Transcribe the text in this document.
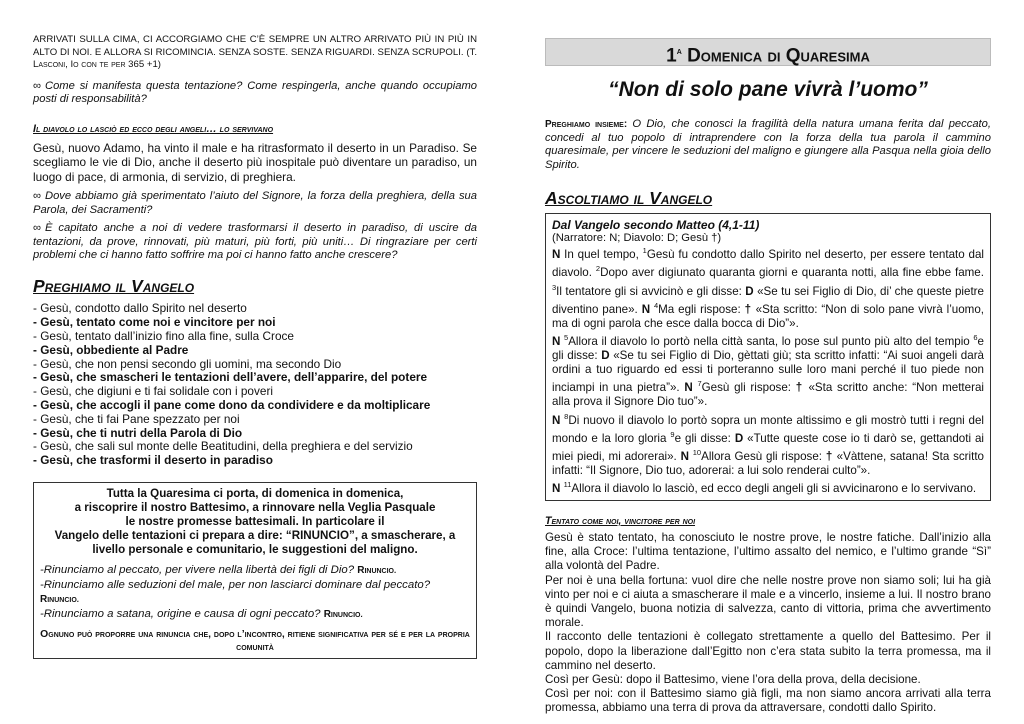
ARRIVATI SULLA CIMA, CI ACCORGIAMO CHE C’È SEMPRE UN ALTRO ARRIVATO PIÙ IN PIÙ IN ALTO DI NOI. E ALLORA SI RICOMINCIA. SENZA SOSTE. SENZA RIGUARDI. SENZA SCRUPOLI. (T. Lasconi, Io con te per 365 +1)

∞ Come si manifesta questa tentazione? Come respingerla, anche quando occupiamo posti di responsabilità?

Il diavolo lo lasciò ed ecco degli angeli… lo servivano

Gesù, nuovo Adamo, ha vinto il male e ha ritrasformato il deserto in un Paradiso. Se scegliamo le vie di Dio, anche il deserto più inospitale può diventare un paradiso, un luogo di pace, di armonia, di servizio, di preghiera.

∞ Dove abbiamo già sperimentato l’aiuto del Signore, la forza della preghiera, della sua Parola, dei Sacramenti?

∞ È capitato anche a noi di vedere trasformarsi il deserto in paradiso, di uscire da tentazioni, da prove, rinnovati, più maturi, più forti, più uniti… Di ringraziare per certi problemi che ci hanno fatto soffrire ma poi ci hanno fatto anche crescere?

Preghiamo il Vangelo

- Gesù, condotto dallo Spirito nel deserto
- Gesù, tentato come noi e vincitore per noi
- Gesù, tentato dall’inizio fino alla fine, sulla Croce
- Gesù, obbediente al Padre
- Gesù, che non pensi secondo gli uomini, ma secondo Dio
- Gesù, che smascheri le tentazioni dell’avere, dell’apparire, del potere
- Gesù, che digiuni e ti fai solidale con i poveri
- Gesù, che accogli il pane come dono da condividere e da moltiplicare
- Gesù, che ti fai Pane spezzato per noi
- Gesù, che ti nutri della Parola di Dio
- Gesù, che sali sul monte delle Beatitudini, della preghiera e del servizio
- Gesù, che trasformi il deserto in paradiso
Tutta la Quaresima ci porta, di domenica in domenica,
a riscoprire il nostro Battesimo, a rinnovare nella Veglia Pasquale
le nostre promesse battesimali. In particolare il
Vangelo delle tentazioni ci prepara a dire: “RINUNCIO”, a smascherare, a
livello personale e comunitario, le suggestioni del maligno.
-Rinunciamo al peccato, per vivere nella libertà dei figli di Dio? Rinuncio.
-Rinunciamo alle seduzioni del male, per non lasciarci dominare dal peccato? Rinuncio.
-Rinunciamo a satana, origine e causa di ogni peccato? Rinuncio.
Ognuno può proporre una rinuncia che, dopo l’incontro, ritiene significativa per sé e per la propria comunità
1$^a$ Domenica di Quaresima
“Non di solo pane vivrà l’uomo”

Preghiamo insieme: O Dio, che conosci la fragilità della natura umana ferita dal peccato, concedi al tuo popolo di intraprendere con la forza della tua parola il cammino quaresimale, per vincere le seduzioni del maligno e giungere alla Pasqua nella gioia dello Spirito.

Ascoltiamo il Vangelo

Dal Vangelo secondo Matteo (4,1-11)
(Narratore: N; Diavolo: D; Gesù †)
N In quel tempo, $^1$Gesù fu condotto dallo Spirito nel deserto, per essere tentato dal diavolo. $^2$Dopo aver digiunato quaranta giorni e quaranta notti, alla fine ebbe fame. $^3$Il tentatore gli si avvicinò e gli disse: D «Se tu sei Figlio di Dio, di’ che queste pietre diventino pane». N $^4$Ma egli rispose: † «Sta scritto: “Non di solo pane vivrà l’uomo, ma di ogni parola che esce dalla bocca di Dio”».
N $^5$Allora il diavolo lo portò nella città santa, lo pose sul punto più alto del tempio $^6$e gli disse: D «Se tu sei Figlio di Dio, gèttati giù; sta scritto infatti: “Ai suoi angeli darà ordini a tuo riguardo ed essi ti porteranno sulle loro mani perché il tuo piede non inciampi in una pietra”». N $^7$Gesù gli rispose: † «Sta scritto anche: “Non metterai alla prova il Signore Dio tuo”».
N $^8$Di nuovo il diavolo lo portò sopra un monte altissimo e gli mostrò tutti i regni del mondo e la loro gloria $^9$e gli disse: D «Tutte queste cose io ti darò se, gettandoti ai miei piedi, mi adorerai». N $^{10}$Allora Gesù gli rispose: † «Vàttene, satana! Sta scritto infatti: “Il Signore, Dio tuo, adorerai: a lui solo renderai culto”».
N $^{11}$Allora il diavolo lo lasciò, ed ecco degli angeli gli si avvicinarono e lo servivano.

Tentato come noi, vincitore per noi

Gesù è stato tentato, ha conosciuto le nostre prove, le nostre fatiche. Dall’inizio alla fine, alla Croce: l’ultima tentazione, l’ultimo assalto del nemico, e l’ultimo grande “Sì” alla volontà del Padre.
Per noi è una bella fortuna: vuol dire che nelle nostre prove non siamo soli; lui ha già vinto per noi e ci aiuta a smascherare il male e a vincerlo, insieme a lui. Il nostro brano è quindi Vangelo, buona notizia di salvezza, canto di vittoria, prima che avvertimento morale.
Il racconto delle tentazioni è collegato strettamente a quello del Battesimo. Per il popolo, dopo la liberazione dall’Egitto non c’era stata subito la terra promessa, ma il cammino nel deserto.
Così per Gesù: dopo il Battesimo, viene l’ora della prova, della decisione.
Così per noi: con il Battesimo siamo già figli, ma non siamo ancora arrivati alla terra promessa, abbiamo una terra di prova da attraversare, condotti dallo Spirito.
